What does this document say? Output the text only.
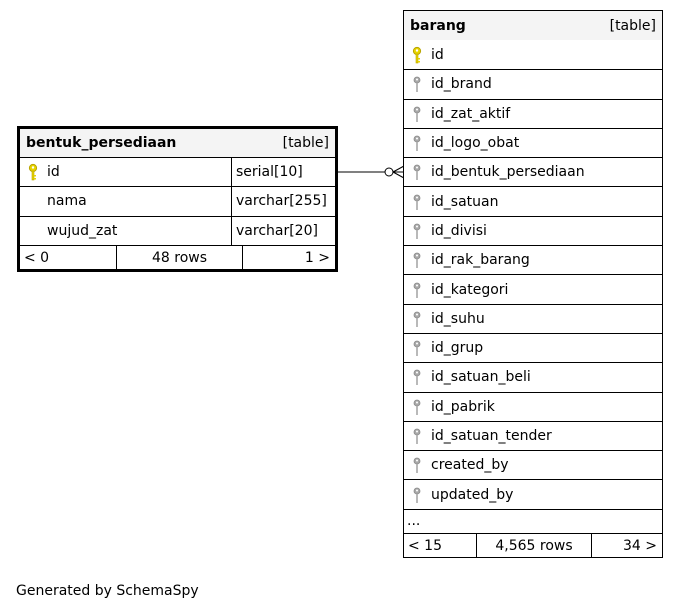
bentuk_persediaan	[table]
id	serial[10]
nama	varchar[255]
wujud_zat	varchar[20]
< 0	48 rows	1 >
barang	[table]
id
id_brand
id_zat_aktif
id_logo_obat
id_bentuk_persediaan
id_satuan
id_divisi
id_rak_barang
id_kategori
id_suhu
id_grup
id_satuan_beli
id_pabrik
id_satuan_tender
created_by
updated_by
...
< 15	4,565 rows	34 >
Generated by SchemaSpy
